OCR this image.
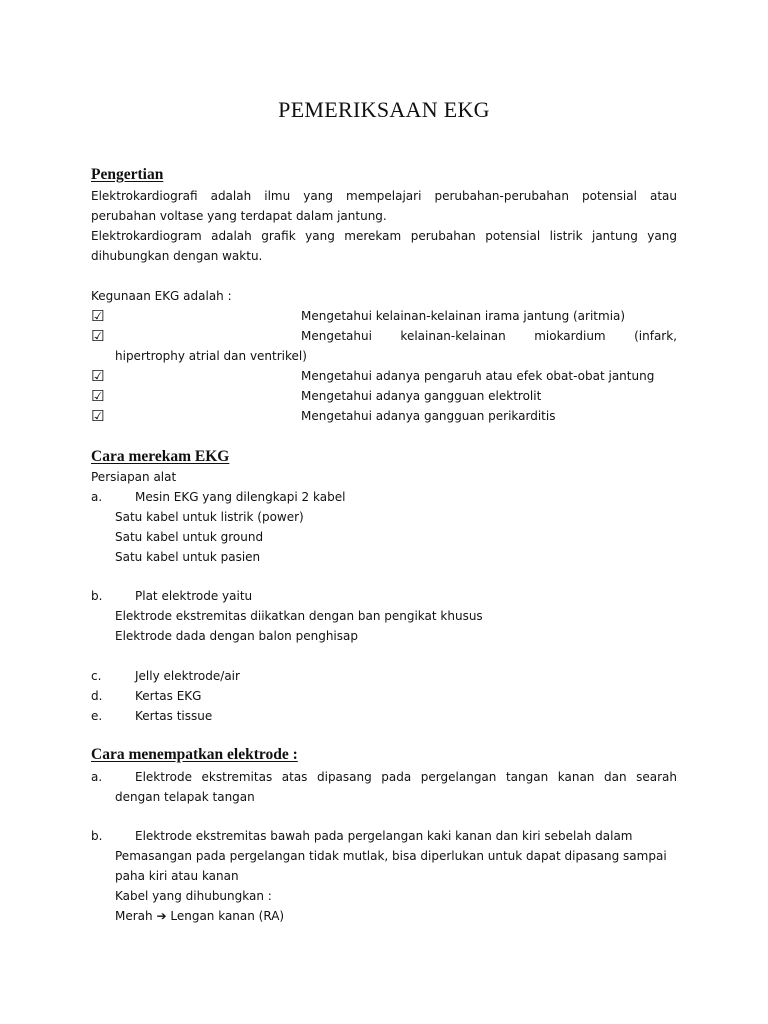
PEMERIKSAAN EKG
Pengertian
Elektrokardiografi adalah ilmu yang mempelajari perubahan-perubahan potensial atau
perubahan voltase yang terdapat dalam jantung.
Elektrokardiogram adalah grafik yang merekam perubahan potensial listrik jantung yang
dihubungkan dengan waktu.
Kegunaan EKG adalah :
☑	Mengetahui kelainan-kelainan irama jantung (aritmia)
☑	Mengetahui kelainan-kelainan miokardium (infark,
hipertrophy atrial dan ventrikel)
☑	Mengetahui adanya pengaruh atau efek obat-obat jantung
☑	Mengetahui adanya gangguan elektrolit
☑	Mengetahui adanya gangguan perikarditis
Cara merekam EKG
Persiapan alat
a.	Mesin EKG yang dilengkapi 2 kabel
Satu kabel untuk listrik (power)
Satu kabel untuk ground
Satu kabel untuk pasien
b.	Plat elektrode yaitu
Elektrode ekstremitas diikatkan dengan ban pengikat khusus
Elektrode dada dengan balon penghisap
c.	Jelly elektrode/air
d.	Kertas EKG
e.	Kertas tissue
Cara menempatkan elektrode :
a.	Elektrode ekstremitas atas dipasang pada pergelangan tangan kanan dan searah
dengan telapak tangan
b.	Elektrode ekstremitas bawah pada pergelangan kaki kanan dan kiri sebelah dalam
Pemasangan pada pergelangan tidak mutlak, bisa diperlukan untuk dapat dipasang sampai
paha kiri atau kanan
Kabel yang dihubungkan :
Merah ➔ Lengan kanan (RA)
